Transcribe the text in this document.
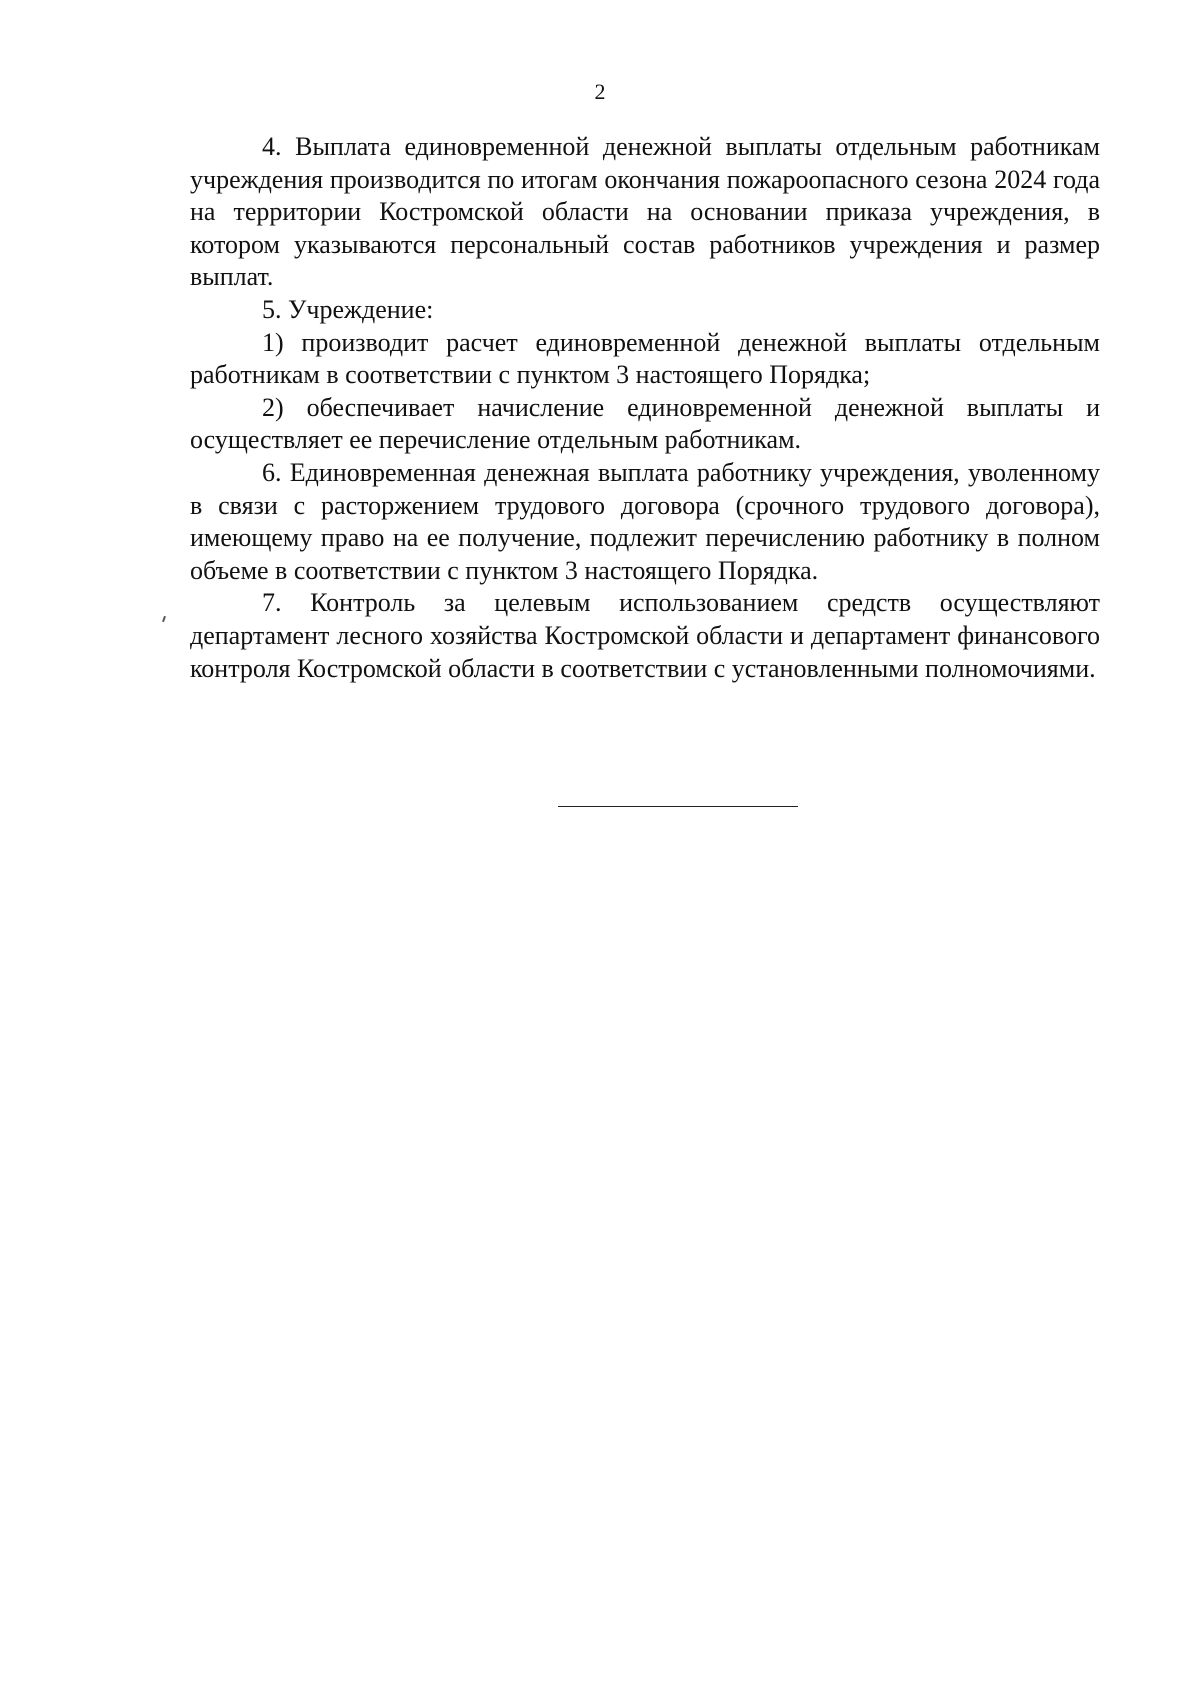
2

4. Выплата единовременной денежной выплаты отдельным работникам учреждения производится по итогам окончания пожароопасного сезона 2024 года на территории Костромской области на основании приказа учреждения, в котором указываются персональный состав работников учреждения и размер выплат.

5. Учреждение:

1) производит расчет единовременной денежной выплаты отдельным работникам в соответствии с пунктом 3 настоящего Порядка;

2) обеспечивает начисление единовременной денежной выплаты и осуществляет ее перечисление отдельным работникам.

6. Единовременная денежная выплата работнику учреждения, уволенному в связи с расторжением трудового договора (срочного трудового договора), имеющему право на ее получение, подлежит перечислению работнику в полном объеме в соответствии с пунктом 3 настоящего Порядка.

7. Контроль за целевым использованием средств осуществляют департамент лесного хозяйства Костромской области и департамент финансового контроля Костромской области в соответствии с установленными полномочиями.
